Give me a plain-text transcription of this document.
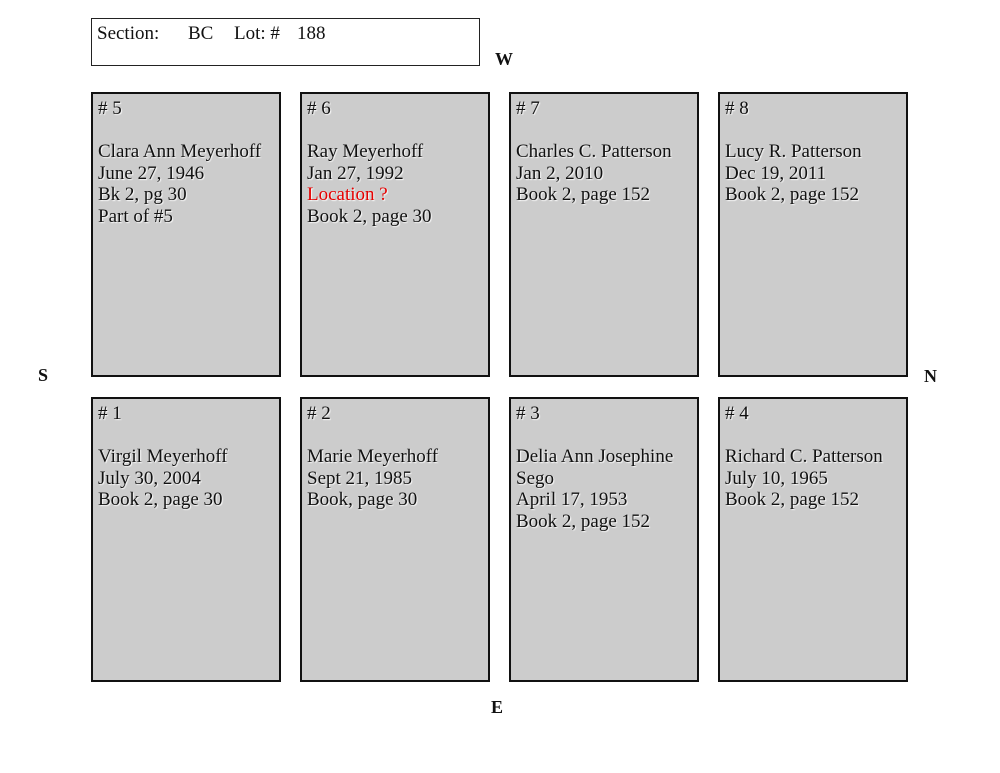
Section: BC Lot: # 188
W
S	N
E
# 5
Clara Ann Meyerhoff
June 27, 1946
Bk 2, pg 30
Part of #5
# 6
Ray Meyerhoff
Jan 27, 1992
Location ?
Book 2, page 30
# 7
Charles C. Patterson
Jan 2, 2010
Book 2, page 152
# 8
Lucy R. Patterson
Dec 19, 2011
Book 2, page 152
# 1
Virgil Meyerhoff
July 30, 2004
Book 2, page 30
# 2
Marie Meyerhoff
Sept 21, 1985
Book, page 30
# 3
Delia Ann Josephine
Sego
April 17, 1953
Book 2, page 152
# 4
Richard C. Patterson
July 10, 1965
Book 2, page 152
